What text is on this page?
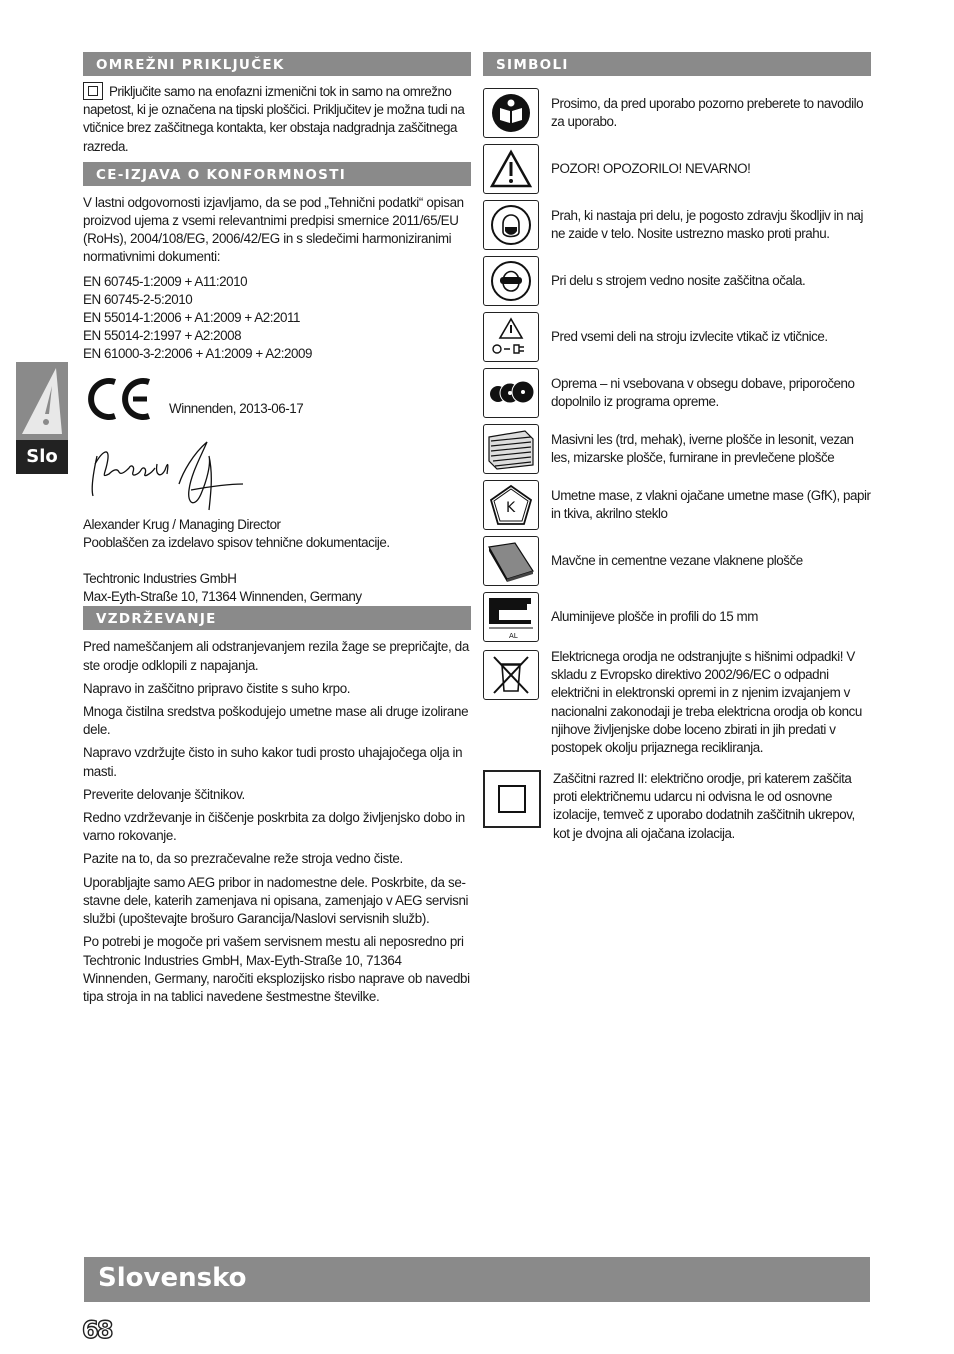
OMREŽNI PRIKLJUČEK

Priključite samo na enofazni izmenični tok in samo na omrežno napetost, ki je označena na tipski ploščici. Priključitev je možna tudi na vtičnice brez zaščitnega kontakta, ker obstaja nadgradnja zaščitnega razreda.

CE-IZJAVA O KONFORMNOSTI

V lastni odgovornosti izjavljamo, da se pod „Tehnični podatki“ opisan proizvod ujema z vsemi relevantnimi predpisi smernice 2011/65/EU (RoHs), 2004/108/EG, 2006/42/EG in s sledečimi harmoniziranimi normativnimi dokumenti:

EN 60745-1:2009 + A11:2010
EN 60745-2-5:2010
EN 55014-1:2006 + A1:2009 + A2:2011
EN 55014-2:1997 + A2:2008
EN 61000-3-2:2006 + A1:2009 + A2:2009
Winnenden, 2013-06-17
Alexander Krug / Managing Director
Pooblaščen za izdelavo spisov tehnične dokumentacije.
Techtronic Industries GmbH
Max-Eyth-Straße 10, 71364 Winnenden, Germany
VZDRŽEVANJE

Pred nameščanjem ali odstranjevanjem rezila žage se prepričajte, da ste orodje odklopili z napajanja.

Napravo in zaščitno pripravo čistite s suho krpo.

Mnoga čistilna sredstva poškodujejo umetne mase ali druge izolirane dele.

Napravo vzdržujte čisto in suho kakor tudi prosto uhajajočega olja in masti.

Preverite delovanje ščitnikov.

Redno vzdrževanje in čiščenje poskrbita za dolgo življenjsko dobo in varno rokovanje.

Pazite na to, da so prezračevalne reže stroja vedno čiste.

Uporabljajte samo AEG pribor in nadomestne dele. Poskrbite, da se-stavne dele, katerih zamenjava ni opisana, zamenjajo v AEG servisni službi (upoštevajte brošuro Garancija/Naslovi servisnih služb).

Po potrebi je mogoče pri vašem servisnem mestu ali neposredno pri Techtronic Industries GmbH, Max-Eyth-Straße 10, 71364 Winnenden, Germany, naročiti eksplozijsko risbo naprave ob navedbi tipa stroja in na tablici navedene šestmestne številke.

SIMBOLI
Prosimo, da pred uporabo pozorno preberete to navodilo za uporabo.
POZOR! OPOZORILO! NEVARNO!
Prah, ki nastaja pri delu, je pogosto zdravju škodljiv in naj ne zaide v telo. Nosite ustrezno masko proti prahu.
Pri delu s strojem vedno nosite zaščitna očala.
Pred vsemi deli na stroju izvlecite vtikač iz vtičnice.
Oprema – ni vsebovana v obsegu dobave, priporočeno dopolnilo iz programa opreme.
Masivni les (trd, mehak), iverne plošče in lesonit, vezan les, mizarske plošče, furnirane in prevlečene plošče
K
Umetne mase, z vlakni ojačane umetne mase (GfK), papir in tkiva, akrilno steklo
Mavčne in cementne vezane vlaknene plošče
AL
Aluminijeve plošče in profili do 15 mm
Elektricnega orodja ne odstranjujte s hišnimi odpadki! V skladu z Evropsko direktivo 2002/96/EC o odpadni električni in elektronski opremi in z njenim izvajanjem v nacionalni zakonodaji je treba elektricna orodja ob koncu njihove življenjske dobe loceno zbirati in jih predati v postopek okolju prijaznega recikliranja.
Zaščitni razred II: električno orodje, pri katerem zaščita proti električnemu udarcu ni odvisna le od osnovne izolacije, temveč z uporabo dodatnih zaščitnih ukrepov, kot je dvojna ali ojačana izolacija.
Slo
Slovensko
68
